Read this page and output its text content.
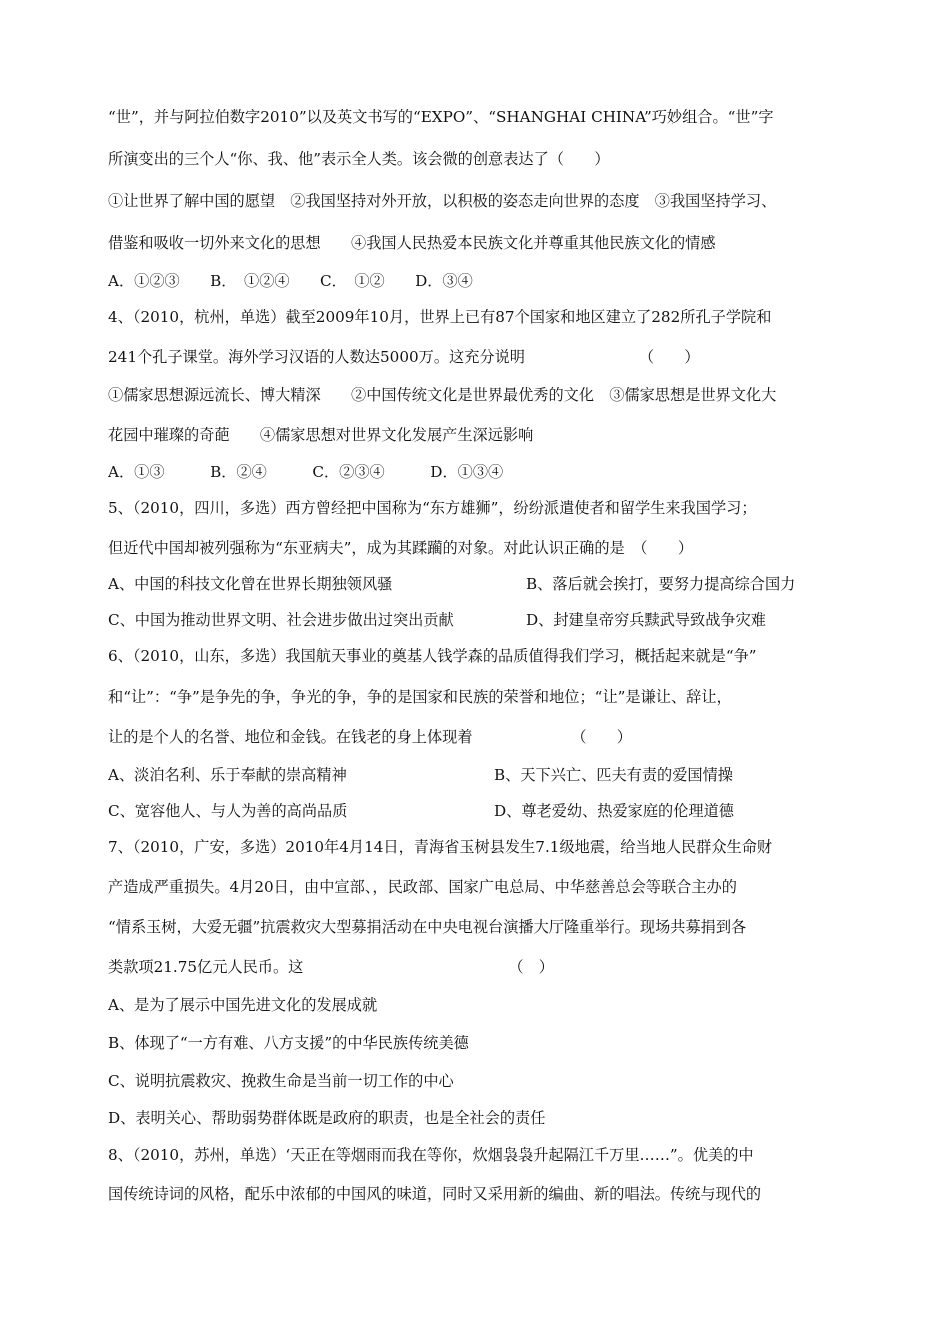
“世”，并与阿拉伯数字2010”以及英文书写的“EXPO”、“SHANGHAI CHINA”巧妙组合。“世”字
所演变出的三个人“你、我、他”表示全人类。该会微的创意表达了（　　）
①让世界了解中国的愿望　②我国坚持对外开放，以积极的姿态走向世界的态度　③我国坚持学习、
借鉴和吸收一切外来文化的思想　　④我国人民热爱本民族文化并尊重其他民族文化的情感
A．①②③　　B．　①②④　　C．　①②　　D．③④
4、（2010，杭州，单选）截至2009年10月，世界上已有87个国家和地区建立了282所孔子学院和
241个孔子课堂。海外学习汉语的人数达5000万。这充分说明　　　　　　　　（　　）
①儒家思想源远流长、博大精深　　②中国传统文化是世界最优秀的文化　③儒家思想是世界文化大
花园中璀璨的奇葩　　④儒家思想对世界文化发展产生深远影响
A．①③　　　B．②④　　　C．②③④　　　D．①③④
5、（2010，四川，多选）西方曾经把中国称为“东方雄狮”，纷纷派遣使者和留学生来我国学习；
但近代中国却被列强称为“东亚病夫”，成为其蹂躏的对象。对此认识正确的是　（　　）
A、中国的科技文化曾在世界长期独领风骚	B、落后就会挨打，要努力提高综合国力
C、中国为推动世界文明、社会进步做出过突出贡献	D、封建皇帝穷兵黩武导致战争灾难
6、（2010，山东，多选）我国航天事业的奠基人钱学森的品质值得我们学习，概括起来就是“争”
和“让”：“争”是争先的争，争光的争，争的是国家和民族的荣誉和地位；“让”是谦让、辞让，
让的是个人的名誉、地位和金钱。在钱老的身上体现着　　　　　　　（　　）
A、淡泊名利、乐于奉献的崇高精神	B、天下兴亡、匹夫有责的爱国情操
C、宽容他人、与人为善的高尚品质	D、尊老爱幼、热爱家庭的伦理道德
7、（2010，广安，多选）2010年4月14日，青海省玉树县发生7.1级地震，给当地人民群众生命财
产造成严重损失。4月20日，由中宣部、，民政部、国家广电总局、中华慈善总会等联合主办的
“情系玉树，大爱无疆”抗震救灾大型募捐活动在中央电视台演播大厅隆重举行。现场共募捐到各
类款项21.75亿元人民币。这　　　　　　　　　　　　　　（　）
A、是为了展示中国先进文化的发展成就
B、体现了“一方有难、八方支援”的中华民族传统美德
C、说明抗震救灾、挽救生命是当前一切工作的中心
D、表明关心、帮助弱势群体既是政府的职责，也是全社会的责任
8、（2010，苏州，单选）‘天正在等烟雨而我在等你，炊烟袅袅升起隔江千万里……”。优美的中
国传统诗词的风格，配乐中浓郁的中国风的味道，同时又采用新的编曲、新的唱法。传统与现代的
